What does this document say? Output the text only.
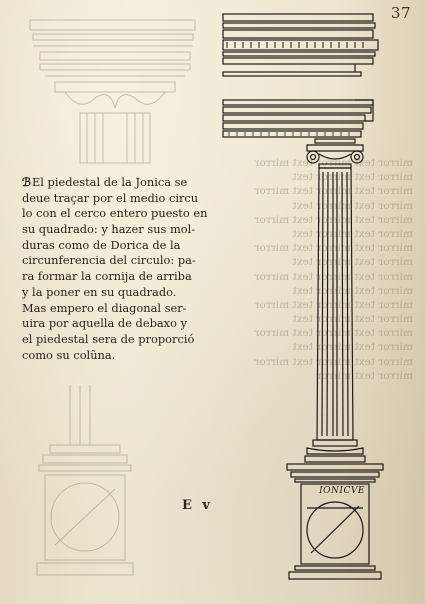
37
mirror text mirror text mirror
mirror text mirror text
mirror text mirror text mirror
mirror text mirror text
mirror text mirror text mirror
mirror text mirror text
mirror text mirror text mirror
mirror text mirror text
mirror text mirror text mirror
mirror text mirror text
mirror text mirror text mirror
mirror text mirror text
mirror text mirror text mirror
mirror text mirror text
mirror text mirror text mirror
mirror text mirror
ℬEl piedestal de la Jonica se
deue traçar por el medio circu
lo con el cerco entero puesto en
su quadrado: y hazer sus mol-
duras como de Dorica de la
circunferencia del circulo: pa-
ra formar la cornija de arriba
y la poner en su quadrado.
Mas empero el diagonal ser-
uira por aquella de debaxo y
el piedestal sera de proporció
como su colũna.
E v
IONICVE
